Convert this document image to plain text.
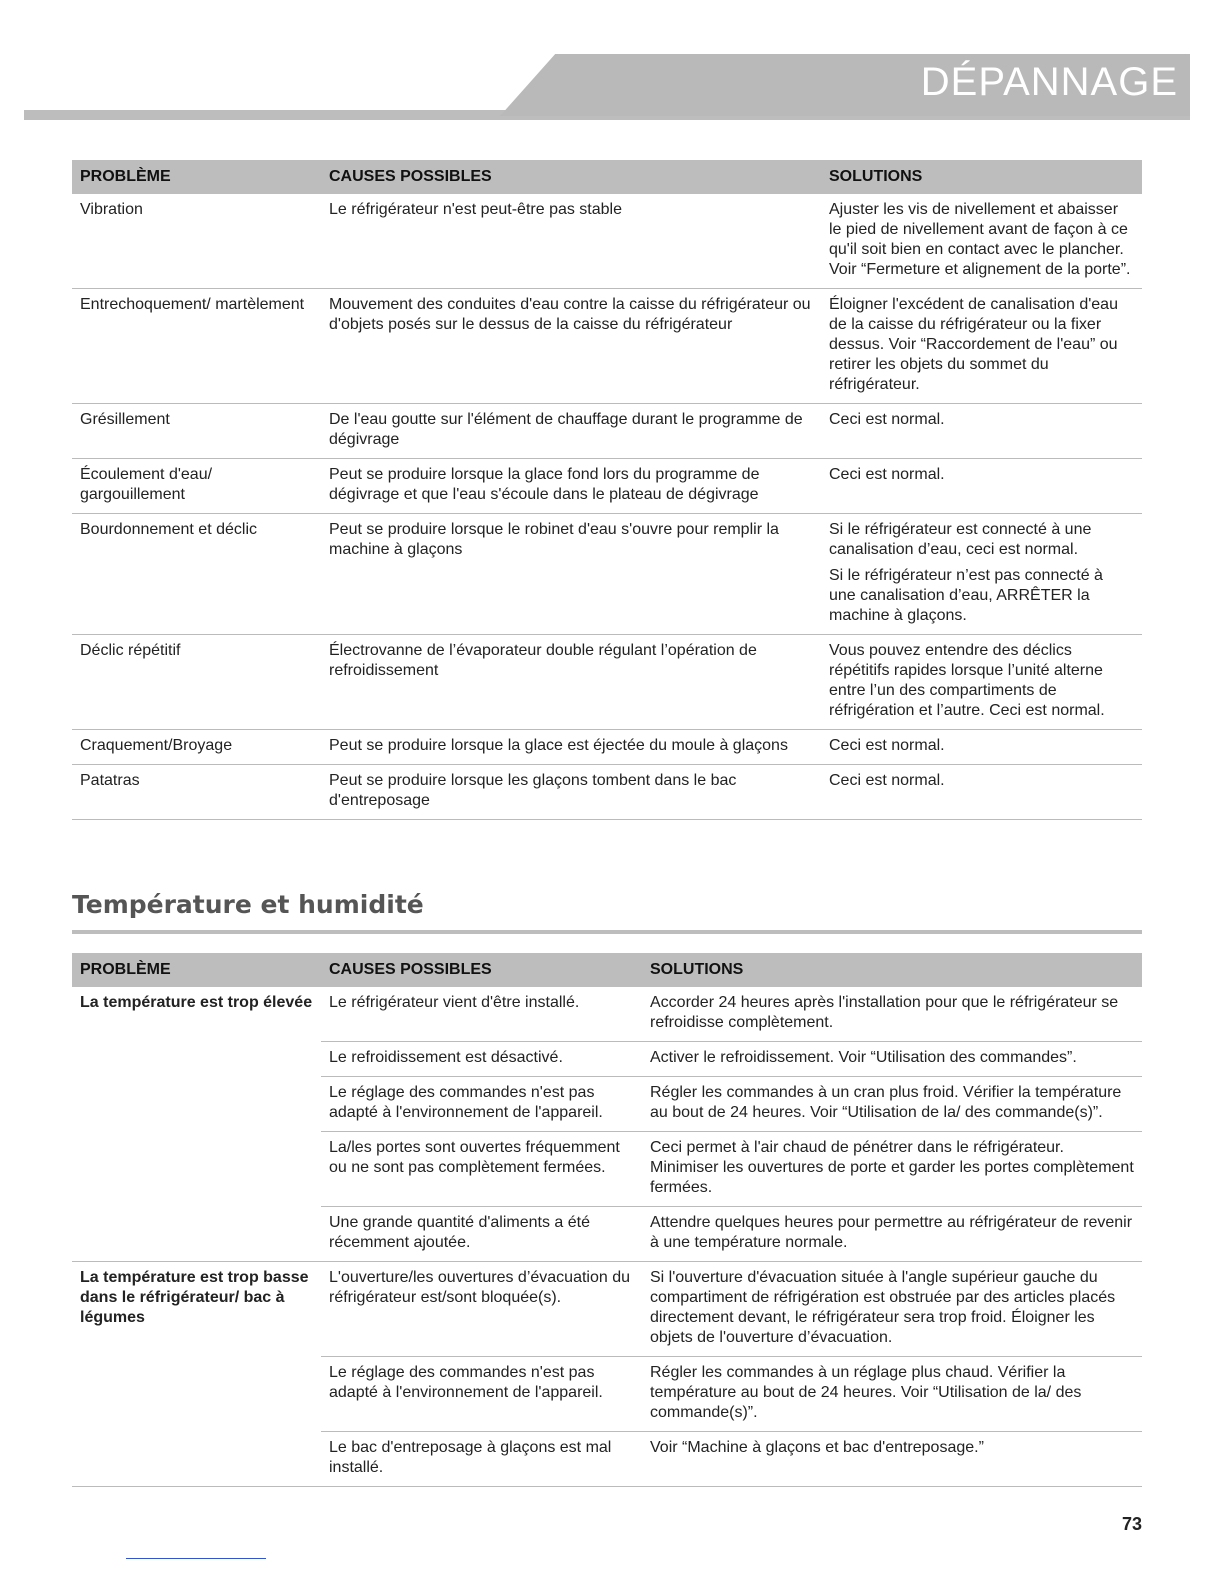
DÉPANNAGE
PROBLÈME	CAUSES POSSIBLES	SOLUTIONS
Vibration	Le réfrigérateur n'est peut-être pas stable	Ajuster les vis de nivellement et abaisser le pied de nivellement avant de façon à ce qu'il soit bien en contact avec le plancher. Voir “Fermeture et alignement de la porte”.

Entrechoquement/ martèlement	Mouvement des conduites d'eau contre la caisse du réfrigérateur ou d'objets posés sur le dessus de la caisse du réfrigérateur	Éloigner l'excédent de canalisation d'eau de la caisse du réfrigérateur ou la fixer dessus. Voir “Raccordement de l'eau” ou retirer les objets du sommet du réfrigérateur.

Grésillement	De l'eau goutte sur l'élément de chauffage durant le programme de dégivrage	Ceci est normal.

Écoulement d'eau/ gargouillement	Peut se produire lorsque la glace fond lors du programme de dégivrage et que l'eau s'écoule dans le plateau de dégivrage	Ceci est normal.

Bourdonnement et déclic	Peut se produire lorsque le robinet d'eau s'ouvre pour remplir la machine à glaçons	Si le réfrigérateur est connecté à une canalisation d’eau, ceci est normal.
Si le réfrigérateur n’est pas connecté à une canalisation d’eau, ARRÊTER la machine à glaçons.

Déclic répétitif	Électrovanne de l’évaporateur double régulant l’opération de refroidissement	Vous pouvez entendre des déclics répétitifs rapides lorsque l’unité alterne entre l’un des compartiments de réfrigération et l’autre. Ceci est normal.

Craquement/Broyage	Peut se produire lorsque la glace est éjectée du moule à glaçons	Ceci est normal.

Patatras	Peut se produire lorsque les glaçons tombent dans le bac d'entreposage	Ceci est normal.
Température et humidité
PROBLÈME	CAUSES POSSIBLES	SOLUTIONS
La température est trop élevée	Le réfrigérateur vient d'être installé.	Accorder 24 heures après l'installation pour que le réfrigérateur se refroidisse complètement.
	Le refroidissement est désactivé.	Activer le refroidissement. Voir “Utilisation des commandes”.
	Le réglage des commandes n'est pas adapté à l'environnement de l'appareil.	Régler les commandes à un cran plus froid. Vérifier la température au bout de 24 heures. Voir “Utilisation de la/ des commande(s)”.
	La/les portes sont ouvertes fréquemment ou ne sont pas complètement fermées.	Ceci permet à l'air chaud de pénétrer dans le réfrigérateur. Minimiser les ouvertures de porte et garder les portes complètement fermées.
	Une grande quantité d'aliments a été récemment ajoutée.	Attendre quelques heures pour permettre au réfrigérateur de revenir à une température normale.
La température est trop basse dans le réfrigérateur/ bac à légumes	L'ouverture/les ouvertures d’évacuation du réfrigérateur est/sont bloquée(s).	Si l'ouverture d'évacuation située à l'angle supérieur gauche du compartiment de réfrigération est obstruée par des articles placés directement devant, le réfrigérateur sera trop froid. Éloigner les objets de l'ouverture d’évacuation.
	Le réglage des commandes n'est pas adapté à l'environnement de l'appareil.	Régler les commandes à un réglage plus chaud. Vérifier la température au bout de 24 heures. Voir “Utilisation de la/ des commande(s)”.
	Le bac d'entreposage à glaçons est mal installé.	Voir “Machine à glaçons et bac d'entreposage.”
73
